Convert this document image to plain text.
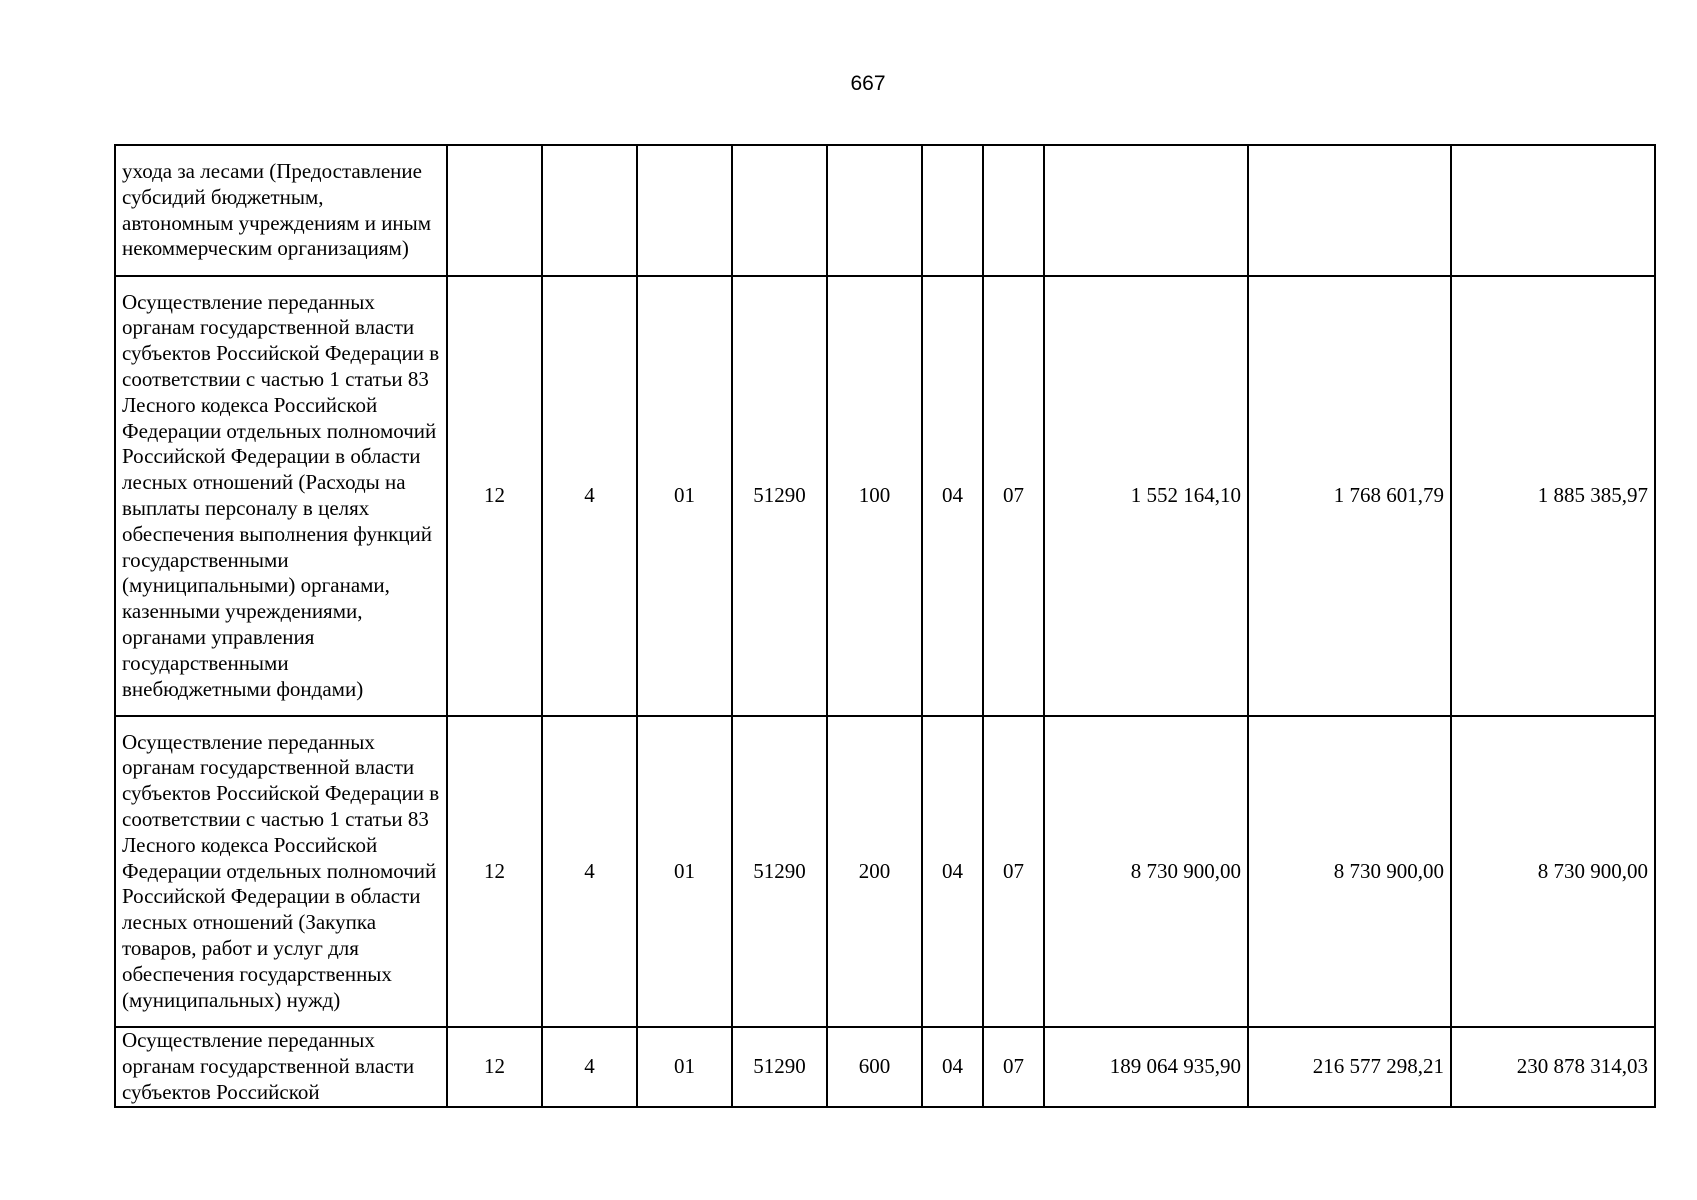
667
ухода за лесами (Предоставление субсидий бюджетным, автономным учреждениям и иным некоммерческим организациям)										
Осуществление переданных органам государственной власти субъектов Российской Федерации в соответствии с частью 1 статьи 83 Лесного кодекса Российской Федерации отдельных полномочий Российской Федерации в области лесных отношений (Расходы на выплаты персоналу в целях обеспечения выполнения функций государственными (муниципальными) органами, казенными учреждениями, органами управления государственными внебюджетными фондами)	12	4	01	51290	100	04	07	1 552 164,10	1 768 601,79	1 885 385,97
Осуществление переданных органам государственной власти субъектов Российской Федерации в соответствии с частью 1 статьи 83 Лесного кодекса Российской Федерации отдельных полномочий Российской Федерации в области лесных отношений (Закупка товаров, работ и услуг для обеспечения государственных (муниципальных) нужд)	12	4	01	51290	200	04	07	8 730 900,00	8 730 900,00	8 730 900,00
Осуществление переданных органам государственной власти субъектов Российской	12	4	01	51290	600	04	07	189 064 935,90	216 577 298,21	230 878 314,03
